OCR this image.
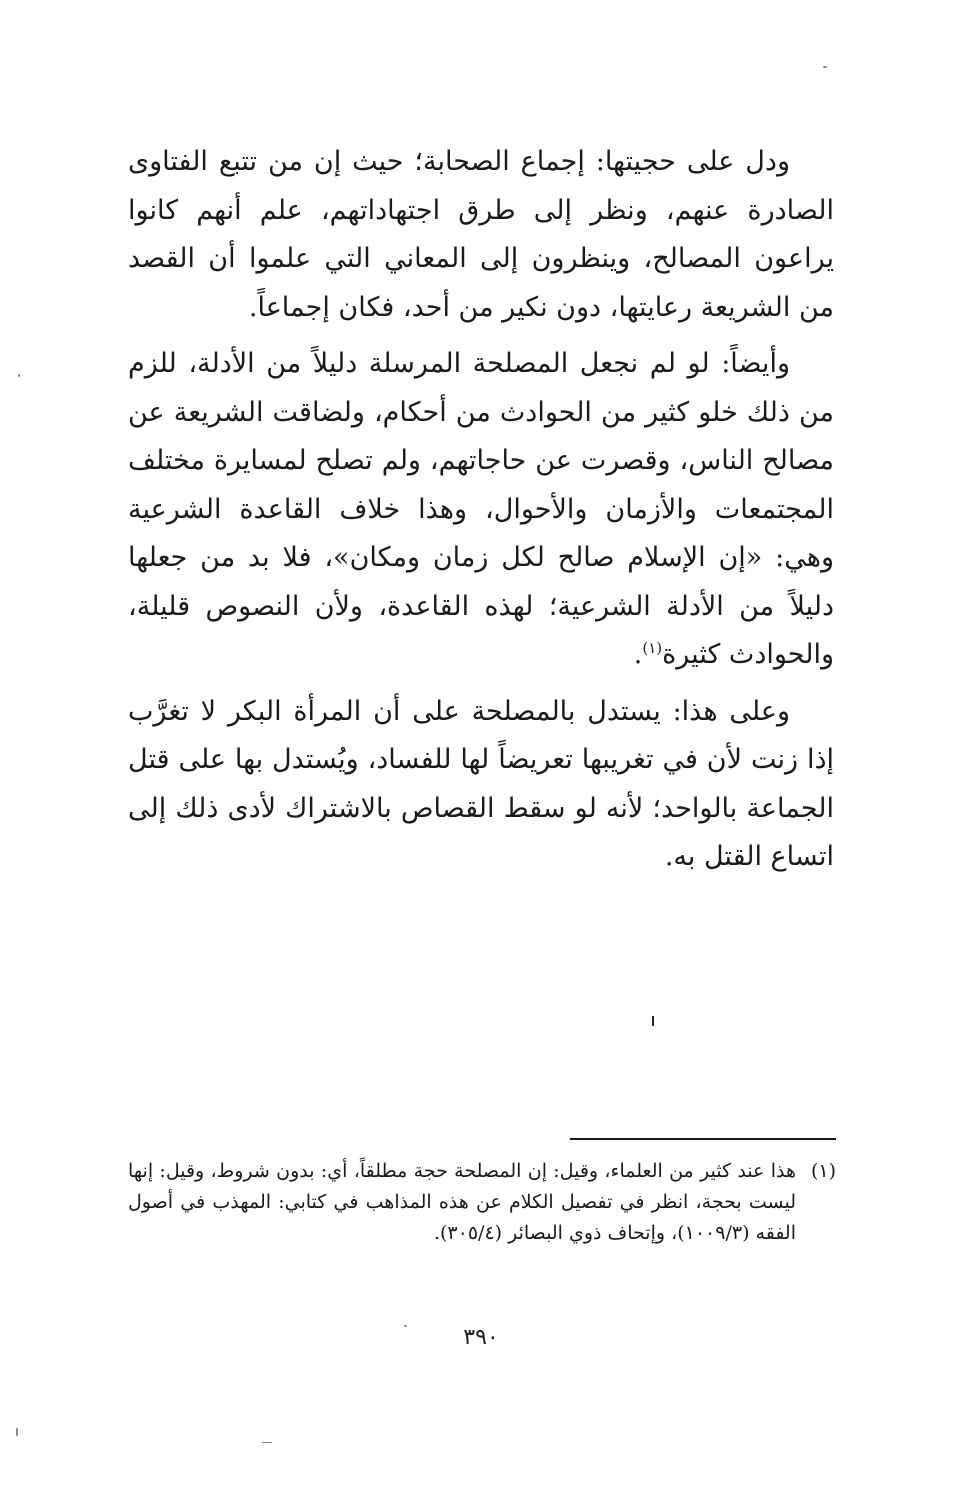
ودل على حجيتها: إجماع الصحابة؛ حيث إن من تتبع الفتاوى الصادرة عنهم، ونظر إلى طرق اجتهاداتهم، علم أنهم كانوا يراعون المصالح، وينظرون إلى المعاني التي علموا أن القصد من الشريعة رعايتها، دون نكير من أحد، فكان إجماعاً.

وأيضاً: لو لم نجعل المصلحة المرسلة دليلاً من الأدلة، للزم من ذلك خلو كثير من الحوادث من أحكام، ولضاقت الشريعة عن مصالح الناس، وقصرت عن حاجاتهم، ولم تصلح لمسايرة مختلف المجتمعات والأزمان والأحوال، وهذا خلاف القاعدة الشرعية وهي: «إن الإسلام صالح لكل زمان ومكان»، فلا بد من جعلها دليلاً من الأدلة الشرعية؛ لهذه القاعدة، ولأن النصوص قليلة، والحوادث كثيرة$^{(١)}$.

وعلى هذا: يستدل بالمصلحة على أن المرأة البكر لا تغرَّب إذا زنت لأن في تغريبها تعريضاً لها للفساد، ويُستدل بها على قتل الجماعة بالواحد؛ لأنه لو سقط القصاص بالاشتراك لأدى ذلك إلى اتساع القتل به.

(١)
هذا عند كثير من العلماء، وقيل: إن المصلحة حجة مطلقاً، أي: بدون شروط، وقيل: إنها ليست بحجة، انظر في تفصيل الكلام عن هذه المذاهب في كتابي: المهذب في أصول الفقه (١٠٠٩/٣)، وإتحاف ذوي البصائر (٣٠٥/٤).
٣٩٠
